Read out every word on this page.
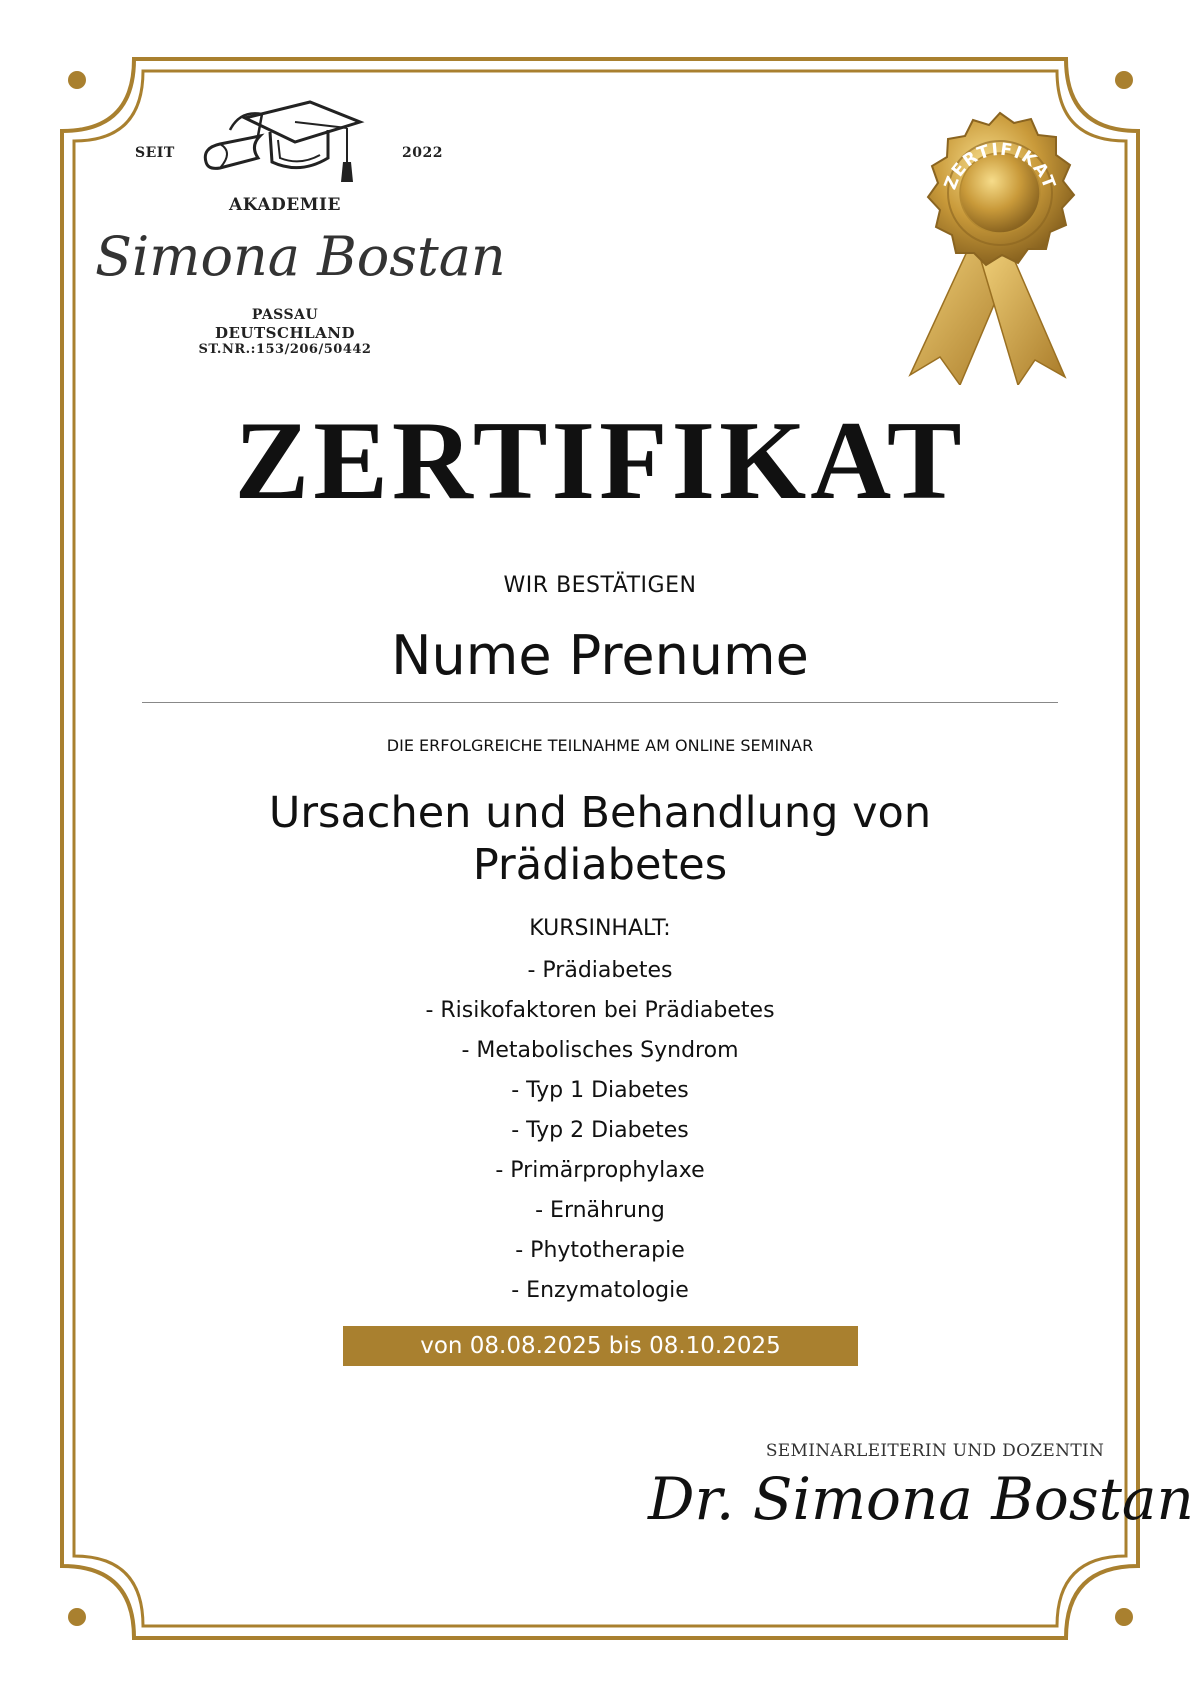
SEIT	2022
AKADEMIE
Simona Bostan
PASSAU
DEUTSCHLAND
ST.NR.:153/206/50442
ZERTIFIKAT
ZERTIFIKAT
WIR BESTÄTIGEN
Nume Prenume
DIE ERFOLGREICHE TEILNAHME AM ONLINE SEMINAR
Ursachen und Behandlung von
Prädiabetes
KURSINHALT:
- Prädiabetes
- Risikofaktoren bei Prädiabetes
- Metabolisches Syndrom
- Typ 1 Diabetes
- Typ 2 Diabetes
- Primärprophylaxe
- Ernährung
- Phytotherapie
- Enzymatologie
von 08.08.2025 bis 08.10.2025
SEMINARLEITERIN UND DOZENTIN
Dr. Simona Bostan
